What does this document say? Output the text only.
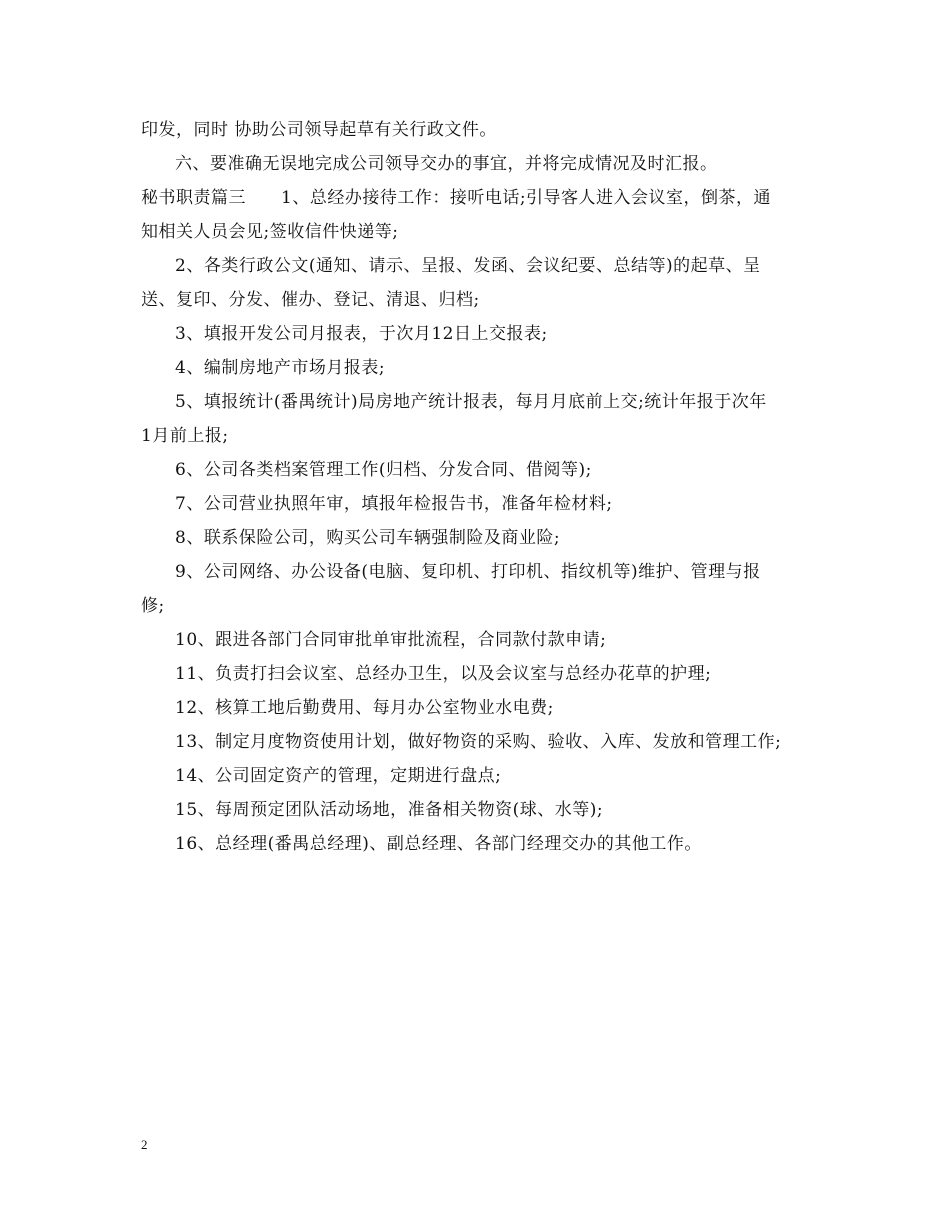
印发，同时 协助公司领导起草有关行政文件。
六、要准确无误地完成公司领导交办的事宜，并将完成情况及时汇报。
秘书职责篇三　　1、总经办接待工作：接听电话;引导客人进入会议室，倒茶，通
知相关人员会见;签收信件快递等;
2、各类行政公文(通知、请示、呈报、发函、会议纪要、总结等)的起草、呈
送、复印、分发、催办、登记、清退、归档;
3、填报开发公司月报表，于次月12日上交报表;
4、编制房地产市场月报表;
5、填报统计(番禺统计)局房地产统计报表，每月月底前上交;统计年报于次年
1月前上报;
6、公司各类档案管理工作(归档、分发合同、借阅等);
7、公司营业执照年审，填报年检报告书，准备年检材料;
8、联系保险公司，购买公司车辆强制险及商业险;
9、公司网络、办公设备(电脑、复印机、打印机、指纹机等)维护、管理与报
修;
10、跟进各部门合同审批单审批流程，合同款付款申请;
11、负责打扫会议室、总经办卫生，以及会议室与总经办花草的护理;
12、核算工地后勤费用、每月办公室物业水电费;
13、制定月度物资使用计划，做好物资的采购、验收、入库、发放和管理工作;
14、公司固定资产的管理，定期进行盘点;
15、每周预定团队活动场地，准备相关物资(球、水等);
16、总经理(番禺总经理)、副总经理、各部门经理交办的其他工作。
2
